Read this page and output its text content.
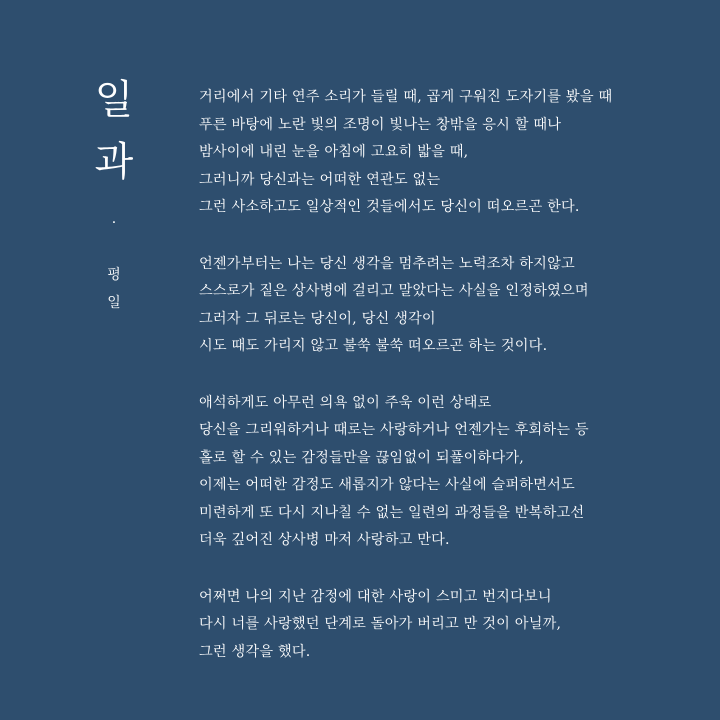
일
과
·
평
일
거리에서 기타 연주 소리가 들릴 때, 곱게 구워진 도자기를 봤을 때
푸른 바탕에 노란 빛의 조명이 빛나는 창밖을 응시 할 때나
밤사이에 내린 눈을 아침에 고요히 밟을 때,
그러니까 당신과는 어떠한 연관도 없는
그런 사소하고도 일상적인 것들에서도 당신이 떠오르곤 한다.
언젠가부터는 나는 당신 생각을 멈추려는 노력조차 하지않고
스스로가 짙은 상사병에 걸리고 말았다는 사실을 인정하였으며
그러자 그 뒤로는 당신이, 당신 생각이
시도 때도 가리지 않고 불쑥 불쑥 떠오르곤 하는 것이다.
애석하게도 아무런 의욕 없이 주욱 이런 상태로
당신을 그리워하거나 때로는 사랑하거나 언젠가는 후회하는 등
홀로 할 수 있는 감정들만을 끊임없이 되풀이하다가,
이제는 어떠한 감정도 새롭지가 않다는 사실에 슬퍼하면서도
미련하게 또 다시 지나칠 수 없는 일련의 과정들을 반복하고선
더욱 깊어진 상사병 마저 사랑하고 만다.
어쩌면 나의 지난 감정에 대한 사랑이 스미고 번지다보니
다시 너를 사랑했던 단계로 돌아가 버리고 만 것이 아닐까,
그런 생각을 했다.
